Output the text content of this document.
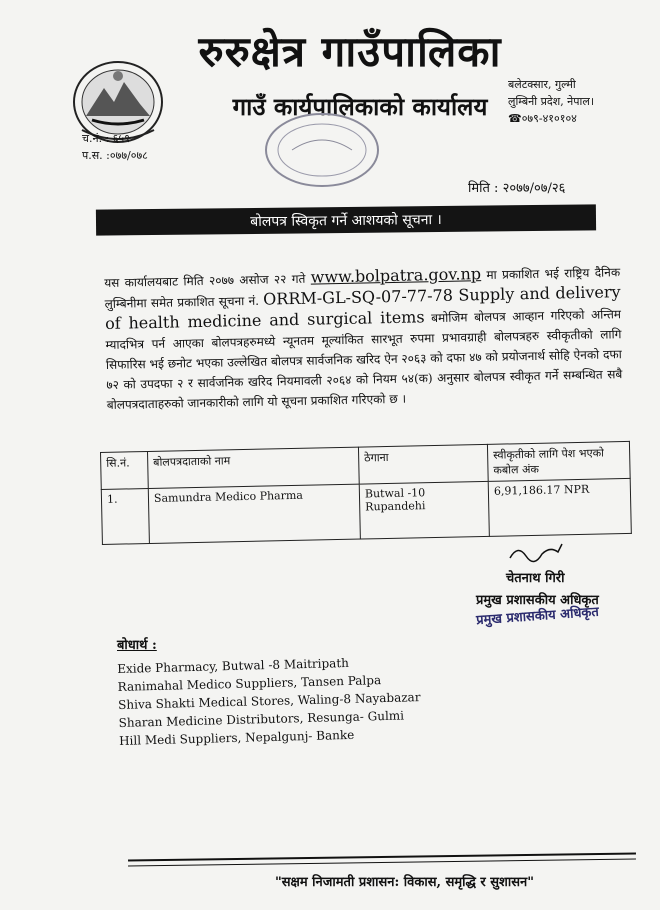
रुरुक्षेत्र गाउँपालिका
गाउँ कार्यपालिकाको कार्यालय
बलेटक्सार, गुल्मी
लुम्बिनी प्रदेश, नेपाल।
☎०७९-४१०१०४
च.नं. : ६५९
प.स. :०७७/०७८
मिति : २०७७/०७/२६
बोलपत्र स्विकृत गर्ने आशयको सूचना ।
यस कार्यालयबाट मिति २०७७ असोज २२ गते www.bolpatra.gov.np मा प्रकाशित भई राष्ट्रिय दैनिक लुम्बिनीमा समेत प्रकाशित सूचना नं. ORRM-GL-SQ-07-77-78 Supply and delivery of health medicine and surgical items बमोजिम बोलपत्र आव्हान गरिएको अन्तिम म्यादभित्र पर्न आएका बोलपत्रहरुमध्ये न्यूनतम मूल्यांकित सारभूत रुपमा प्रभावग्राही बोलपत्रहरु स्वीकृतीको लागि सिफारिस भई छनोट भएका उल्लेखित बोलपत्र सार्वजनिक खरिद ऐन २०६३ को दफा ४७ को प्रयोजनार्थ सोहि ऐनको दफा ७२ को उपदफा २ र सार्वजनिक खरिद नियमावली २०६४ को नियम ५४(क) अनुसार बोलपत्र स्वीकृत गर्ने सम्बन्धित सबै बोलपत्रदाताहरुको जानकारीको लागि यो सूचना प्रकाशित गरिएको छ ।
सि.नं.	बोलपत्रदाताको नाम	ठेगाना	स्वीकृतीको लागि पेश भएको कबोल अंक
1.	Samundra Medico Pharma	Butwal -10 Rupandehi	6,91,186.17 NPR
चेतनाथ गिरी
प्रमुख प्रशासकीय अधिकृत
प्रमुख प्रशासकीय अधिकृत
बोधार्थ :
Exide Pharmacy, Butwal -8 Maitripath
Ranimahal Medico Suppliers, Tansen Palpa
Shiva Shakti Medical Stores, Waling-8 Nayabazar
Sharan Medicine Distributors, Resunga- Gulmi
Hill Medi Suppliers, Nepalgunj- Banke
"सक्षम निजामती प्रशासन: विकास, समृद्धि र सुशासन"
